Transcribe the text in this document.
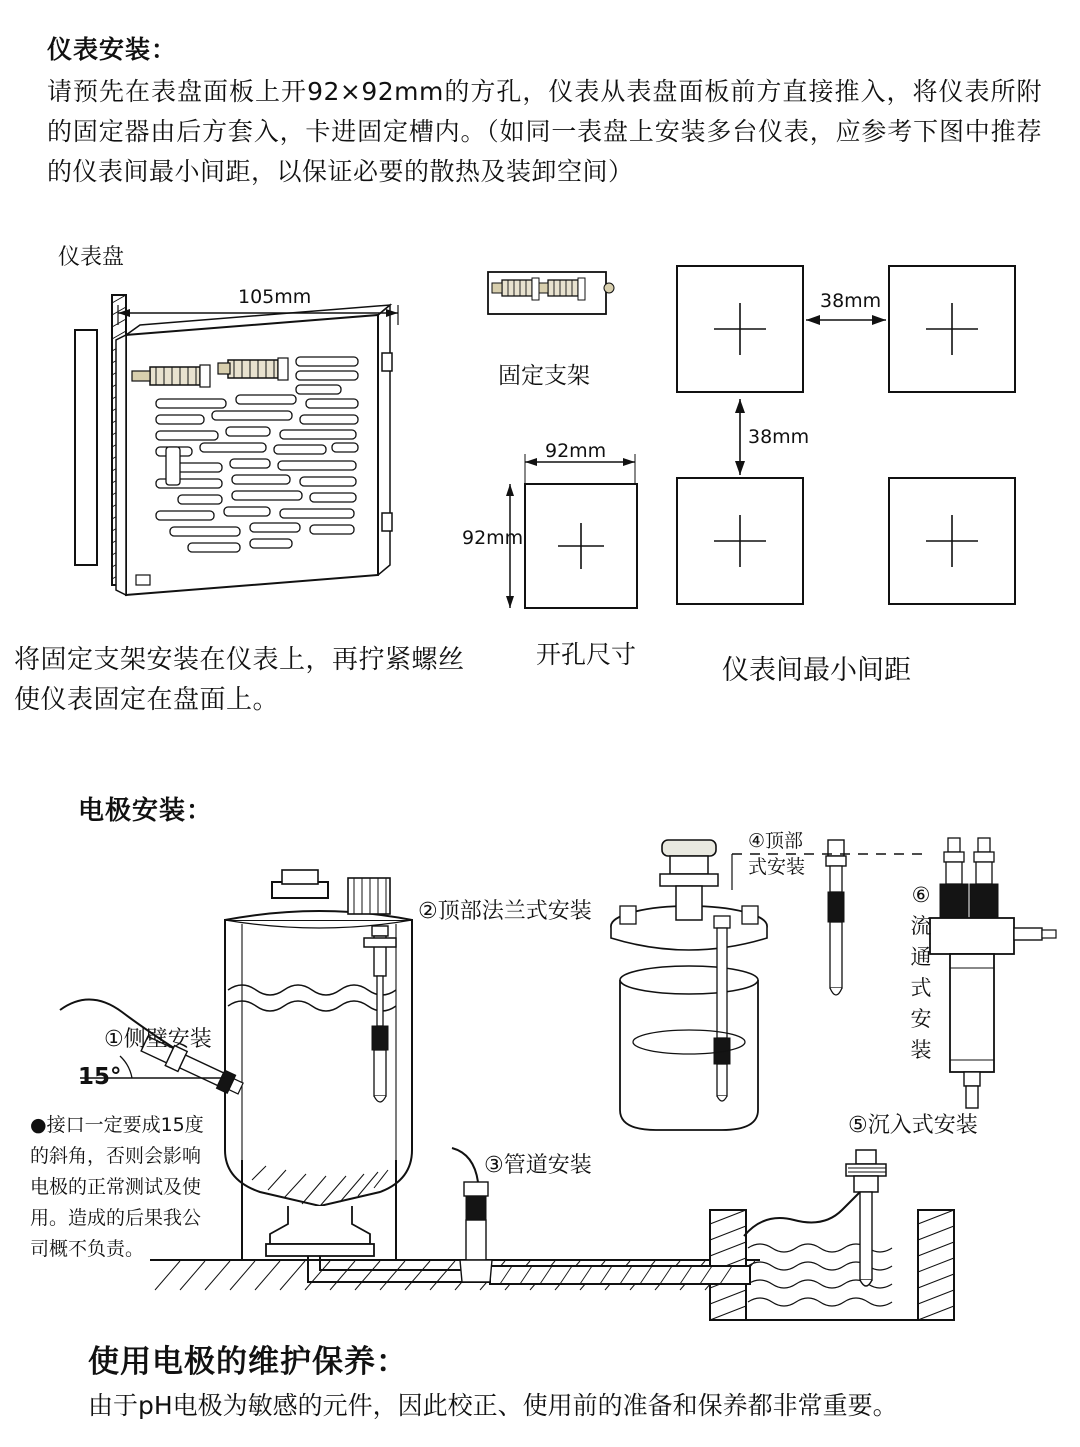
仪表安装：
请预先在表盘面板上开92×92mm的方孔，仪表从表盘面板前方直接推入，将仪表所附的固定器由后方套入，卡进固定槽内。（如同一表盘上安装多台仪表，应参考下图中推荐的仪表间最小间距，以保证必要的散热及装卸空间）
仪表盘
105mm
固定支架
92mm
92mm
开孔尺寸
38mm
38mm
仪表间最小间距
将固定支架安装在仪表上，再拧紧螺丝使仪表固定在盘面上。
电极安装：
①侧壁安装
②顶部法兰式安装
③管道安装
④顶部
式安装
⑤沉入式安装
⑥
流
通
式
安
装
15°
●接口一定要成15度
的斜角，否则会影响
电极的正常测试及使
用。造成的后果我公
司概不负责。
使用电极的维护保养：
由于pH电极为敏感的元件，因此校正、使用前的准备和保养都非常重要。
